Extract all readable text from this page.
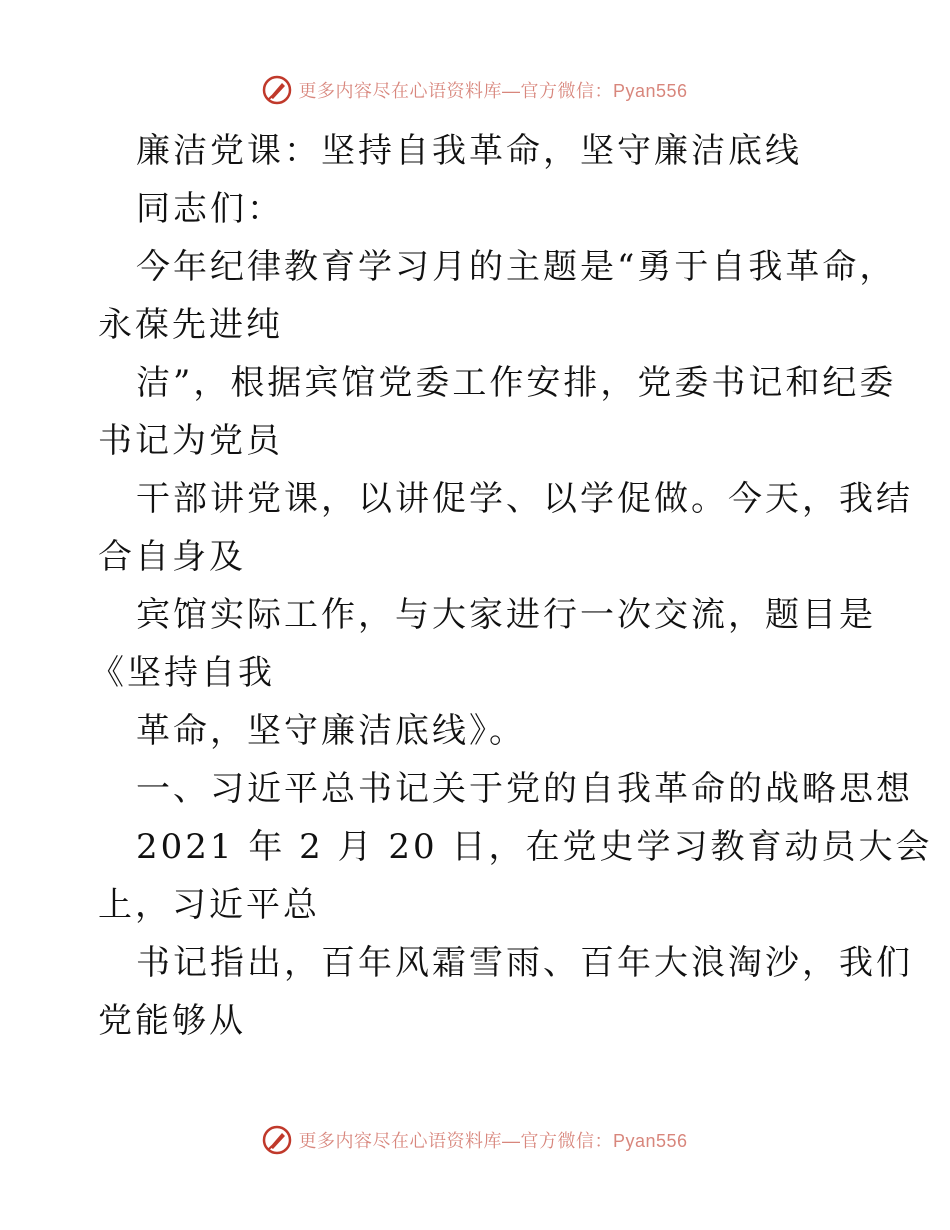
更多内容尽在心语资料库—官方微信：Pyan556
廉洁党课：坚持自我革命，坚守廉洁底线
同志们：
今年纪律教育学习月的主题是“勇于自我革命，
永葆先进纯
洁”，根据宾馆党委工作安排，党委书记和纪委
书记为党员
干部讲党课，以讲促学、以学促做。今天，我结
合自身及
宾馆实际工作，与大家进行一次交流，题目是
《坚持自我
革命，坚守廉洁底线》。
一、习近平总书记关于党的自我革命的战略思想
2021 年 2 月 20 日，在党史学习教育动员大会
上，习近平总
书记指出，百年风霜雪雨、百年大浪淘沙，我们
党能够从
更多内容尽在心语资料库—官方微信：Pyan556
